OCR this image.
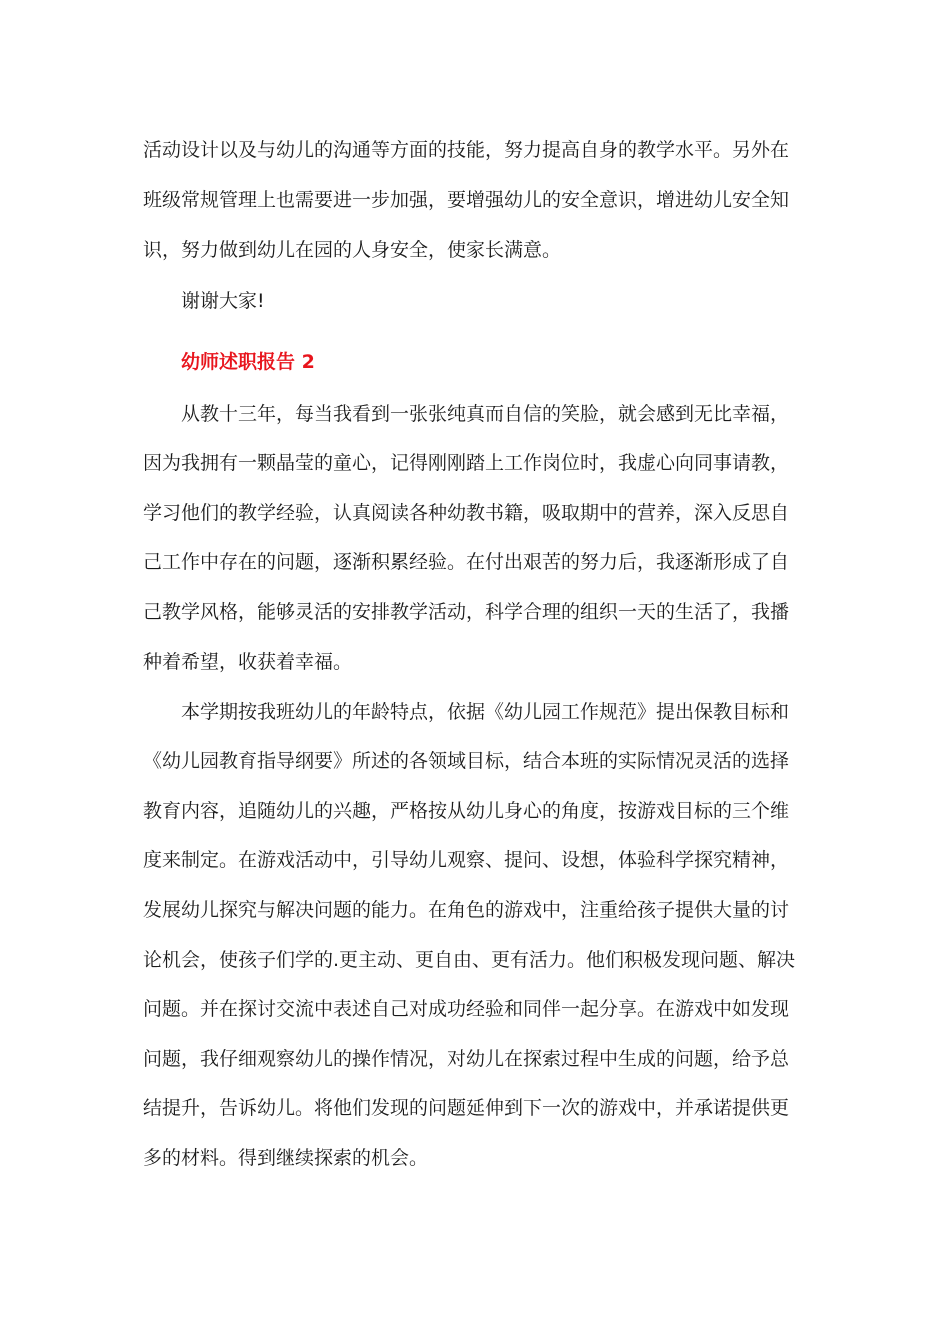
活动设计以及与幼儿的沟通等方面的技能，努力提高自身的教学水平。另外在
班级常规管理上也需要进一步加强，要增强幼儿的安全意识，增进幼儿安全知
识，努力做到幼儿在园的人身安全，使家长满意。
谢谢大家!
幼师述职报告 2
从教十三年，每当我看到一张张纯真而自信的笑脸，就会感到无比幸福，
因为我拥有一颗晶莹的童心，记得刚刚踏上工作岗位时，我虚心向同事请教，
学习他们的教学经验，认真阅读各种幼教书籍，吸取期中的营养，深入反思自
己工作中存在的问题，逐渐积累经验。在付出艰苦的努力后，我逐渐形成了自
己教学风格，能够灵活的安排教学活动，科学合理的组织一天的生活了，我播
种着希望，收获着幸福。
本学期按我班幼儿的年龄特点，依据《幼儿园工作规范》提出保教目标和
《幼儿园教育指导纲要》所述的各领域目标，结合本班的实际情况灵活的选择
教育内容，追随幼儿的兴趣，严格按从幼儿身心的角度，按游戏目标的三个维
度来制定。在游戏活动中，引导幼儿观察、提问、设想，体验科学探究精神，
发展幼儿探究与解决问题的能力。在角色的游戏中，注重给孩子提供大量的讨
论机会，使孩子们学的.更主动、更自由、更有活力。他们积极发现问题、解决
问题。并在探讨交流中表述自己对成功经验和同伴一起分享。在游戏中如发现
问题，我仔细观察幼儿的操作情况，对幼儿在探索过程中生成的问题，给予总
结提升，告诉幼儿。将他们发现的问题延伸到下一次的游戏中，并承诺提供更
多的材料。得到继续探索的机会。
